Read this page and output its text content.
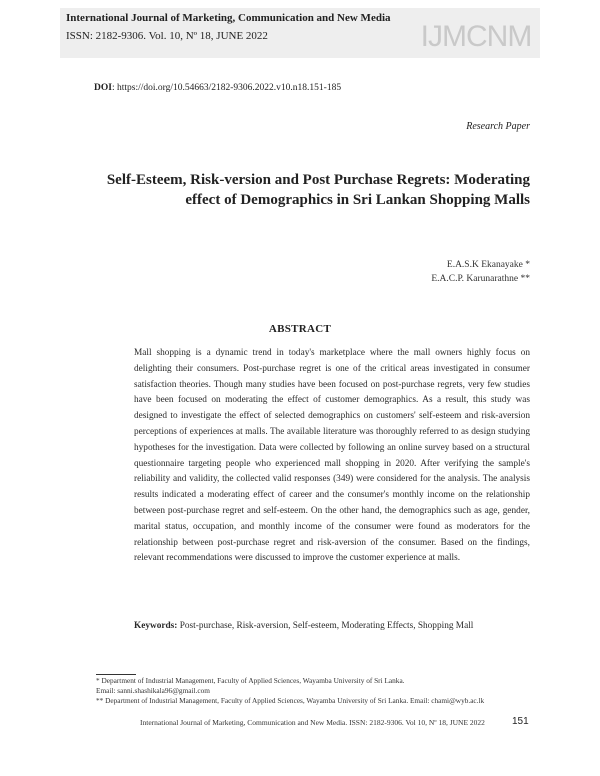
International Journal of Marketing, Communication and New Media
ISSN: 2182-9306. Vol. 10, Nº 18, JUNE 2022	IJMCNM
DOI: https://doi.org/10.54663/2182-9306.2022.v10.n18.151-185
Research Paper
Self-Esteem, Risk-version and Post Purchase Regrets: Moderating effect of Demographics in Sri Lankan Shopping Malls
E.A.S.K Ekanayake *
E.A.C.P. Karunarathne **
ABSTRACT
Mall shopping is a dynamic trend in today's marketplace where the mall owners highly focus on delighting their consumers. Post-purchase regret is one of the critical areas investigated in consumer satisfaction theories. Though many studies have been focused on post-purchase regrets, very few studies have been focused on moderating the effect of customer demographics. As a result, this study was designed to investigate the effect of selected demographics on customers' self-esteem and risk-aversion perceptions of experiences at malls. The available literature was thoroughly referred to as design studying hypotheses for the investigation. Data were collected by following an online survey based on a structural questionnaire targeting people who experienced mall shopping in 2020. After verifying the sample's reliability and validity, the collected valid responses (349) were considered for the analysis. The analysis results indicated a moderating effect of career and the consumer's monthly income on the relationship between post-purchase regret and self-esteem. On the other hand, the demographics such as age, gender, marital status, occupation, and monthly income of the consumer were found as moderators for the relationship between post-purchase regret and risk-aversion of the consumer. Based on the findings, relevant recommendations were discussed to improve the customer experience at malls.
Keywords: Post-purchase, Risk-aversion, Self-esteem, Moderating Effects, Shopping Mall
* Department of Industrial Management, Faculty of Applied Sciences, Wayamba University of Sri Lanka.
Email: sanni.shashikala96@gmail.com
** Department of Industrial Management, Faculty of Applied Sciences, Wayamba University of Sri Lanka. Email: chami@wyb.ac.lk
International Journal of Marketing, Communication and New Media. ISSN: 2182-9306. Vol 10, Nº 18, JUNE 2022	151
